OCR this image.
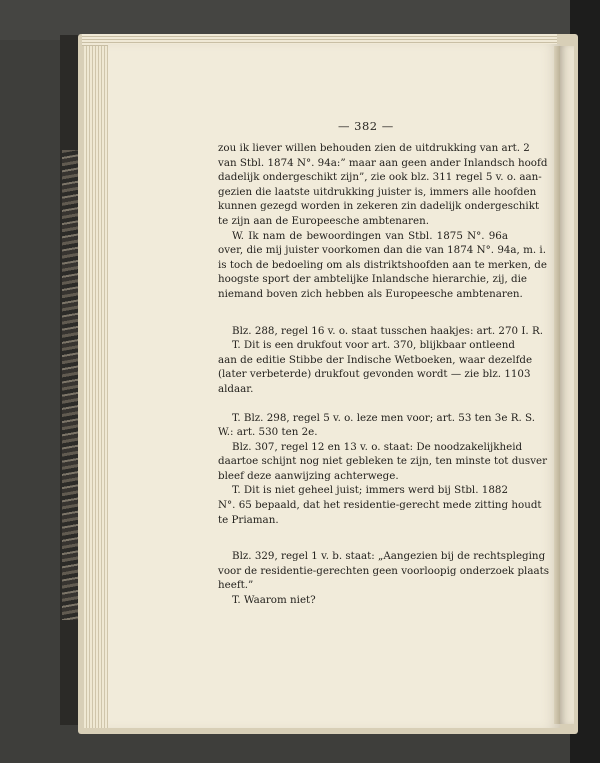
— 382 —

zou ik liever willen behouden zien de uitdrukking van art. 2
van Stbl. 1874 N°. 94a:” maar aan geen ander Inlandsch hoofd
dadelijk ondergeschikt zijn”, zie ook blz. 311 regel 5 v. o. aan-
gezien die laatste uitdrukking juister is, immers alle hoofden
kunnen gezegd worden in zekeren zin dadelijk ondergeschikt
te zijn aan de Europeesche ambtenaren.

W. Ik nam de bewoordingen van Stbl. 1875 N°. 96a
over, die mij juister voorkomen dan die van 1874 N°. 94a, m. i.
is toch de bedoeling om als distriktshoofden aan te merken, de
hoogste sport der ambtelijke Inlandsche hierarchie, zij, die
niemand boven zich hebben als Europeesche ambtenaren.

Blz. 288, regel 16 v. o. staat tusschen haakjes: art. 270 I. R.
T. Dit is een drukfout voor art. 370, blijkbaar ontleend
aan de editie Stibbe der Indische Wetboeken, waar dezelfde
(later verbeterde) drukfout gevonden wordt — zie blz. 1103
aldaar.

T. Blz. 298, regel 5 v. o. leze men voor; art. 53 ten 3e R. S.
W.: art. 530 ten 2e.
Blz. 307, regel 12 en 13 v. o. staat: De noodzakelijkheid
daartoe schijnt nog niet gebleken te zijn, ten minste tot dusver
bleef deze aanwijzing achterwege.
T. Dit is niet geheel juist; immers werd bij Stbl. 1882
N°. 65 bepaald, dat het residentie-gerecht mede zitting houdt
te Priaman.

Blz. 329, regel 1 v. b. staat: „Aangezien bij de rechtspleging
voor de residentie-gerechten geen voorloopig onderzoek plaats
heeft.”
T. Waarom niet?
